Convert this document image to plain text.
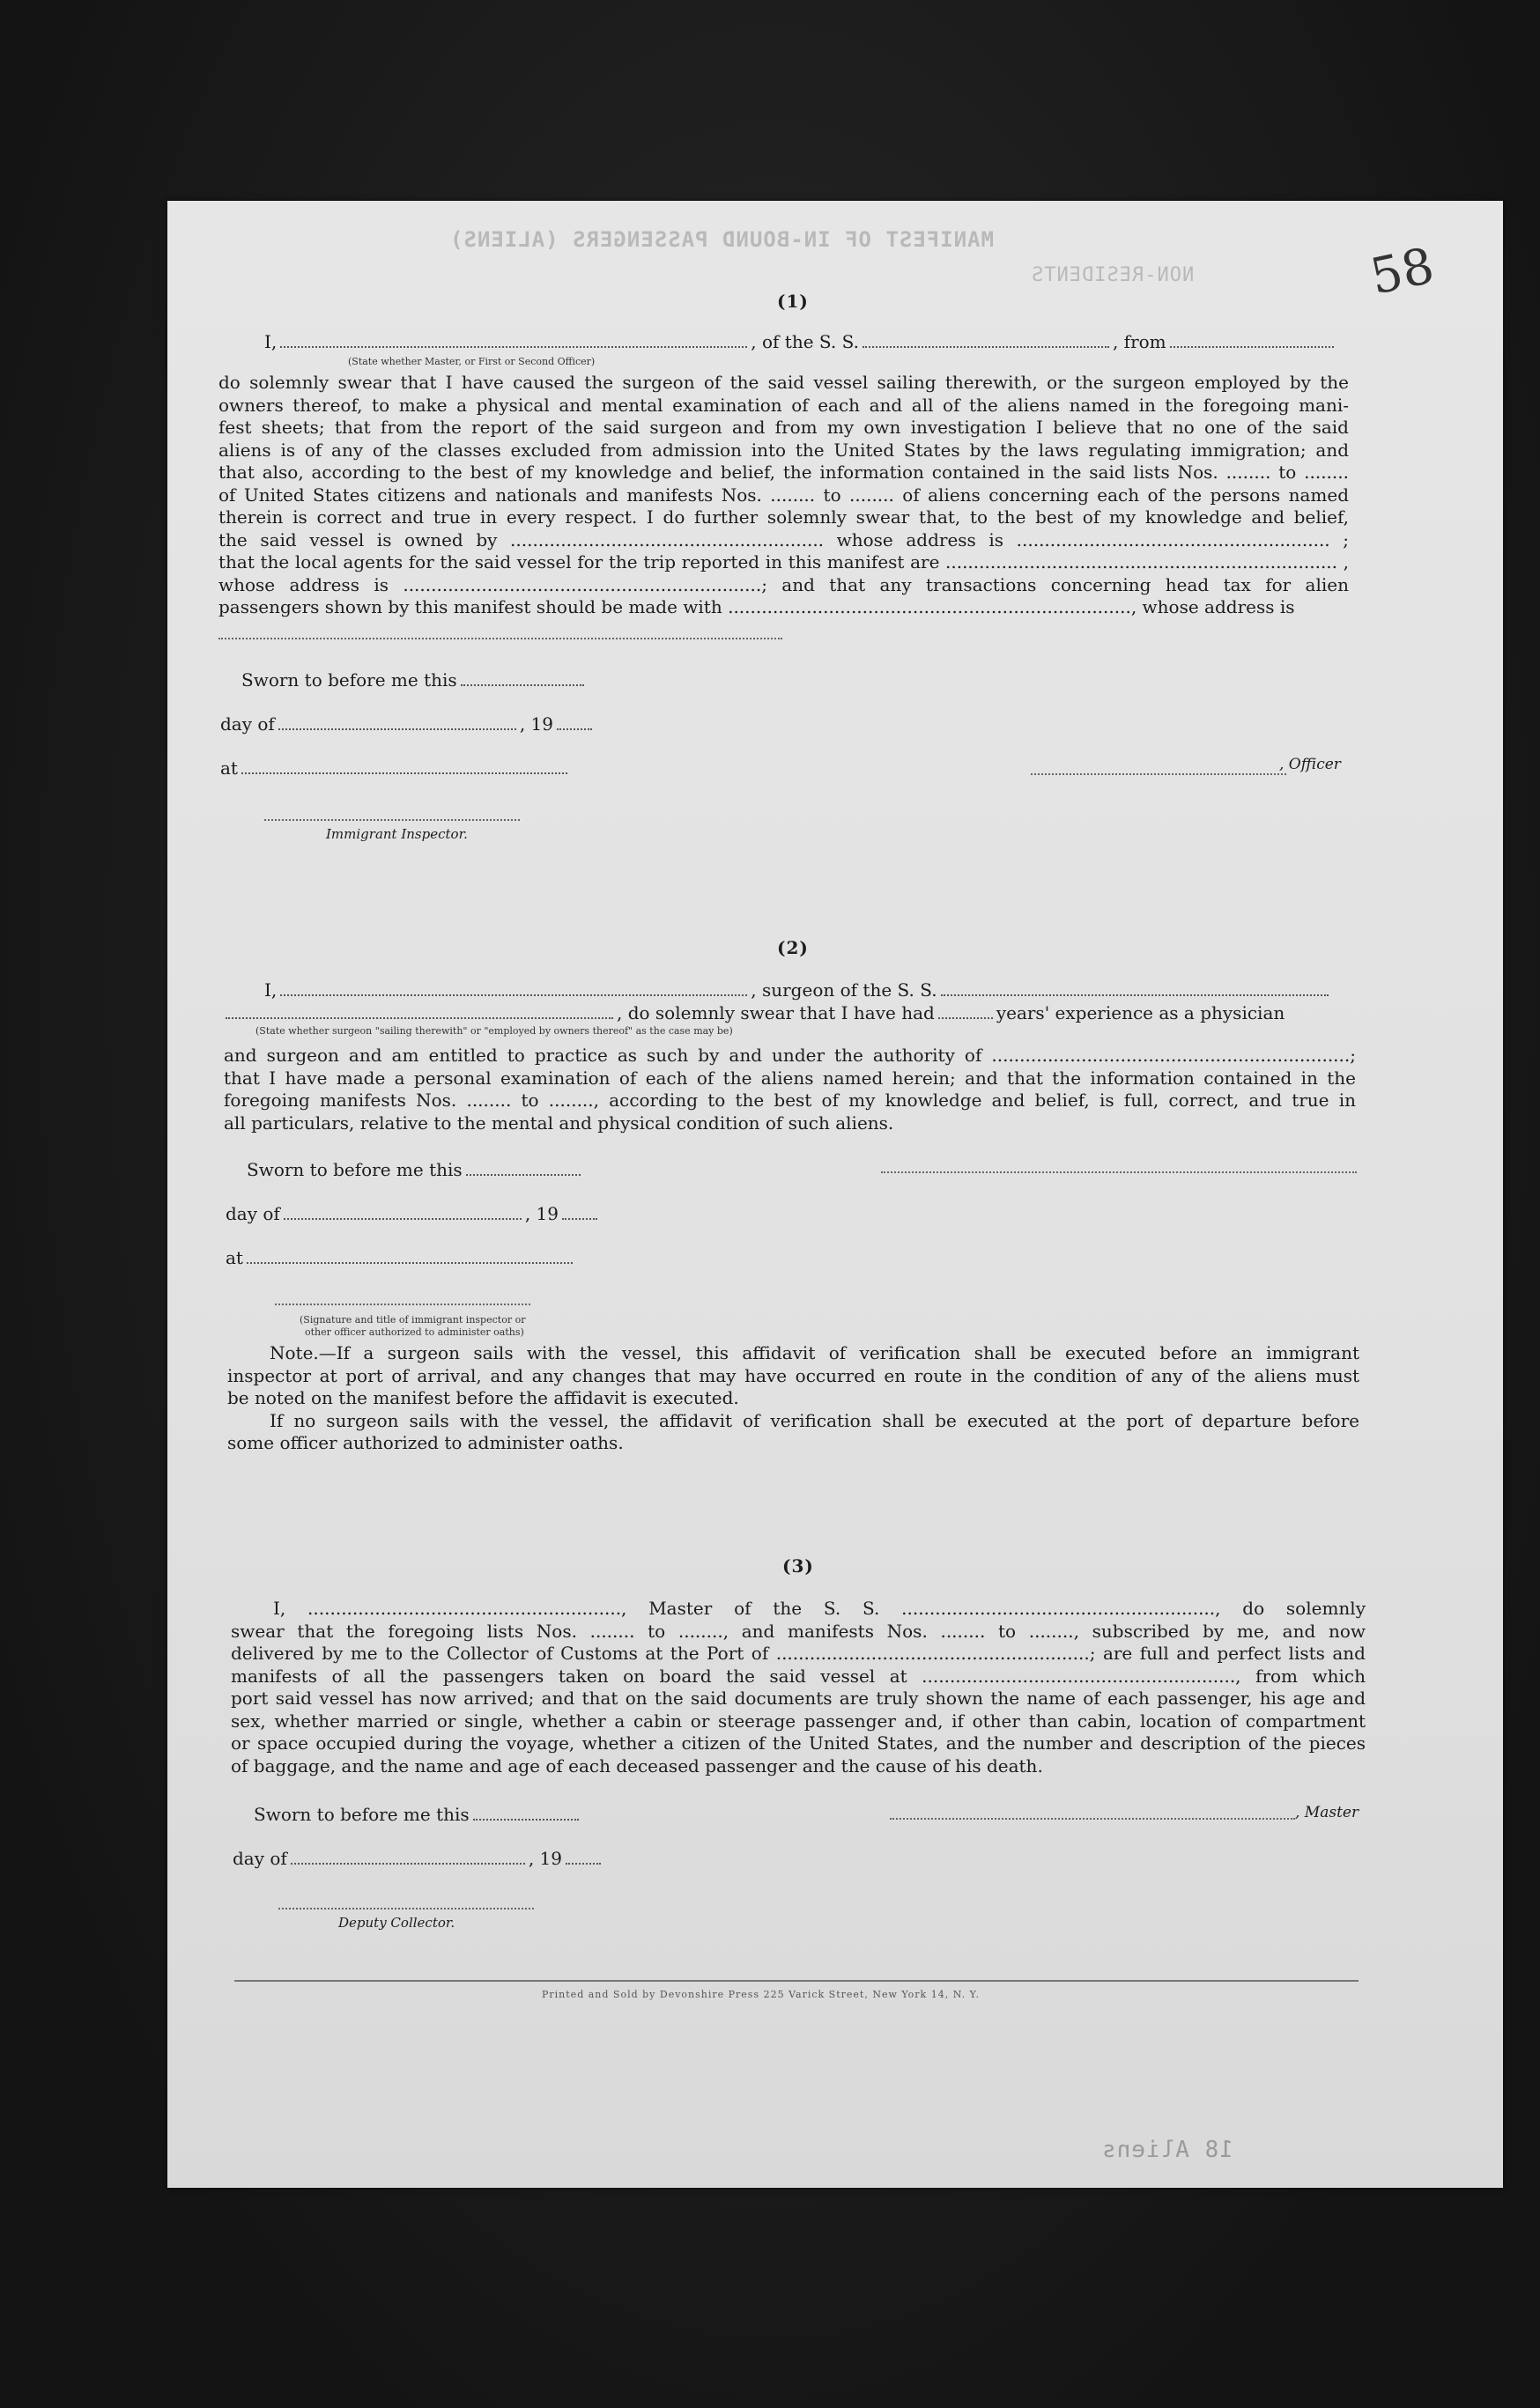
MANIFEST OF IN-BOUND PASSENGERS (ALIENS)
NON-RESIDENTS
18 Aliens
58
(1)
I,	, of the S. S.	, from
(State whether Master, or First or Second Officer)
do solemnly swear that I have caused the surgeon of the said vessel sailing therewith, or the surgeon employed by the
owners thereof, to make a physical and mental examination of each and all of the aliens named in the foregoing mani-
fest sheets; that from the report of the said surgeon and from my own investigation I believe that no one of the said
aliens is of any of the classes excluded from admission into the United States by the laws regulating immigration; and
that also, according to the best of my knowledge and belief, the information contained in the said lists Nos. ........ to ........
of United States citizens and nationals and manifests Nos. ........ to ........ of aliens concerning each of the persons named
therein is correct and true in every respect. I do further solemnly swear that, to the best of my knowledge and belief,
the said vessel is owned by ........................................................ whose address is ........................................................ ;
that the local agents for the said vessel for the trip reported in this manifest are ...................................................................... ,
whose address is ................................................................; and that any transactions concerning head tax for alien
passengers shown by this manifest should be made with ........................................................................, whose address is
Sworn to before me this
day of	, 19
at	, Officer
Immigrant Inspector.
(2)
I,	, surgeon of the S. S.
, do solemnly swear that I have had	years' experience as a physician
(State whether surgeon "sailing therewith" or "employed by owners thereof" as the case may be)
and surgeon and am entitled to practice as such by and under the authority of ................................................................;
that I have made a personal examination of each of the aliens named herein; and that the information contained in the
foregoing manifests Nos. ........ to ........, according to the best of my knowledge and belief, is full, correct, and true in
all particulars, relative to the mental and physical condition of such aliens.
Sworn to before me this
day of	, 19
at
(Signature and title of immigrant inspector or
other officer authorized to administer oaths)
Note.—If a surgeon sails with the vessel, this affidavit of verification shall be executed before an immigrant
inspector at port of arrival, and any changes that may have occurred en route in the condition of any of the aliens must
be noted on the manifest before the affidavit is executed.
If no surgeon sails with the vessel, the affidavit of verification shall be executed at the port of departure before
some officer authorized to administer oaths.
(3)
I, ........................................................, Master of the S. S. ........................................................, do solemnly
swear that the foregoing lists Nos. ........ to ........, and manifests Nos. ........ to ........, subscribed by me, and now
delivered by me to the Collector of Customs at the Port of ........................................................; are full and perfect lists and
manifests of all the passengers taken on board the said vessel at ........................................................, from which
port said vessel has now arrived; and that on the said documents are truly shown the name of each passenger, his age and
sex, whether married or single, whether a cabin or steerage passenger and, if other than cabin, location of compartment
or space occupied during the voyage, whether a citizen of the United States, and the number and description of the pieces
of baggage, and the name and age of each deceased passenger and the cause of his death.
Sworn to before me this	, Master
day of	, 19
Deputy Collector.
Printed and Sold by Devonshire Press 225 Varick Street, New York 14, N. Y.
